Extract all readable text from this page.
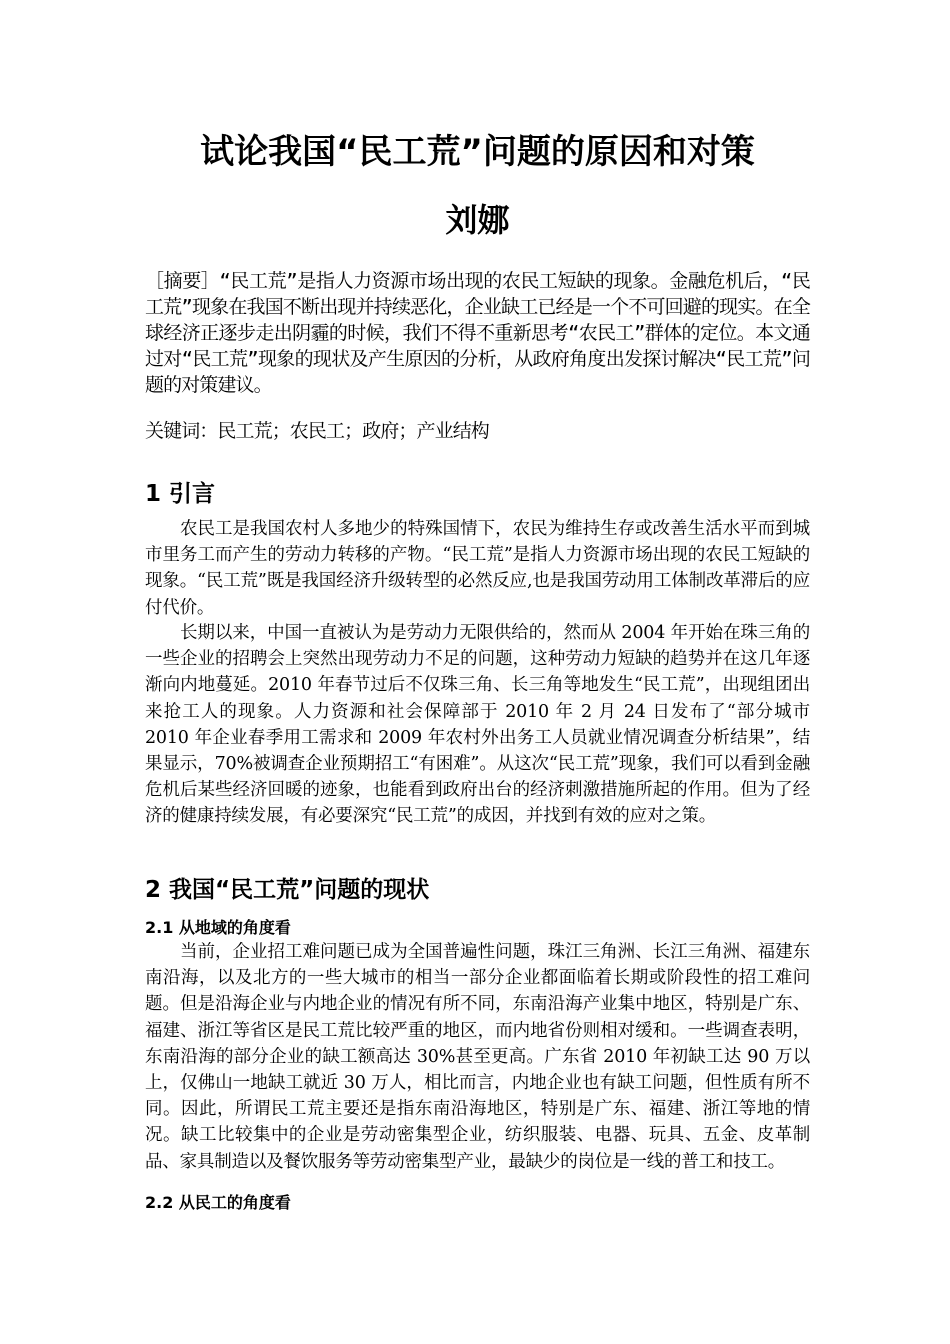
试论我国“民工荒”问题的原因和对策
刘娜
［摘要］“民工荒”是指人力资源市场出现的农民工短缺的现象。金融危机后，“民工荒”现象在我国不断出现并持续恶化，企业缺工已经是一个不可回避的现实。在全球经济正逐步走出阴霾的时候，我们不得不重新思考“农民工”群体的定位。本文通过对“民工荒”现象的现状及产生原因的分析，从政府角度出发探讨解决“民工荒”问题的对策建议。
关键词：民工荒；农民工；政府；产业结构
1 引言
农民工是我国农村人多地少的特殊国情下，农民为维持生存或改善生活水平而到城市里务工而产生的劳动力转移的产物。“民工荒”是指人力资源市场出现的农民工短缺的现象。“民工荒”既是我国经济升级转型的必然反应,也是我国劳动用工体制改革滞后的应付代价。
长期以来，中国一直被认为是劳动力无限供给的，然而从 2004 年开始在珠三角的一些企业的招聘会上突然出现劳动力不足的问题，这种劳动力短缺的趋势并在这几年逐渐向内地蔓延。2010 年春节过后不仅珠三角、长三角等地发生“民工荒”，出现组团出来抢工人的现象。人力资源和社会保障部于 2010 年 2 月 24 日发布了“部分城市 2010 年企业春季用工需求和 2009 年农村外出务工人员就业情况调查分析结果”，结果显示，70%被调查企业预期招工“有困难”。从这次“民工荒”现象，我们可以看到金融危机后某些经济回暖的迹象，也能看到政府出台的经济刺激措施所起的作用。但为了经济的健康持续发展，有必要深究“民工荒”的成因，并找到有效的应对之策。
2 我国“民工荒”问题的现状
2.1 从地域的角度看
当前，企业招工难问题已成为全国普遍性问题，珠江三角洲、长江三角洲、福建东南沿海，以及北方的一些大城市的相当一部分企业都面临着长期或阶段性的招工难问题。但是沿海企业与内地企业的情况有所不同，东南沿海产业集中地区，特别是广东、福建、浙江等省区是民工荒比较严重的地区，而内地省份则相对缓和。一些调查表明，东南沿海的部分企业的缺工额高达 30%甚至更高。广东省 2010 年初缺工达 90 万以上，仅佛山一地缺工就近 30 万人，相比而言，内地企业也有缺工问题，但性质有所不同。因此，所谓民工荒主要还是指东南沿海地区，特别是广东、福建、浙江等地的情况。缺工比较集中的企业是劳动密集型企业，纺织服装、电器、玩具、五金、皮革制品、家具制造以及餐饮服务等劳动密集型产业，最缺少的岗位是一线的普工和技工。
2.2 从民工的角度看
